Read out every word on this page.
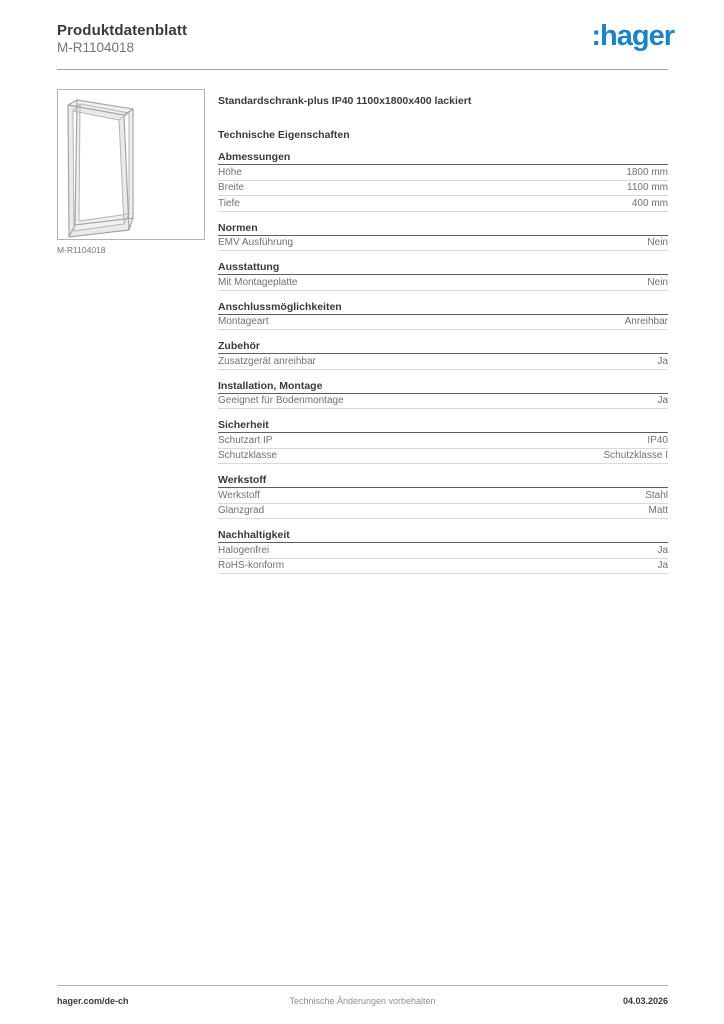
Produktdatenblatt
M-R1104018	:hager
M-R1104018
Standardschrank-plus IP40 1100x1800x400 lackiert
Technische Eigenschaften
Abmessungen
Höhe	1800 mm
Breite	1100 mm
Tiefe	400 mm
Normen
EMV Ausführung	Nein
Ausstattung
Mit Montageplatte	Nein
Anschlussmöglichkeiten
Montageart	Anreihbar
Zubehör
Zusatzgerät anreihbar	Ja
Installation, Montage
Geeignet für Bodenmontage	Ja
Sicherheit
Schutzart IP	IP40
Schutzklasse	Schutzklasse I
Werkstoff
Werkstoff	Stahl
Glanzgrad	Matt
Nachhaltigkeit
Halogenfrei	Ja
RoHS-konform	Ja
hager.com/de-ch	Technische Änderungen vorbehalten	04.03.2026
